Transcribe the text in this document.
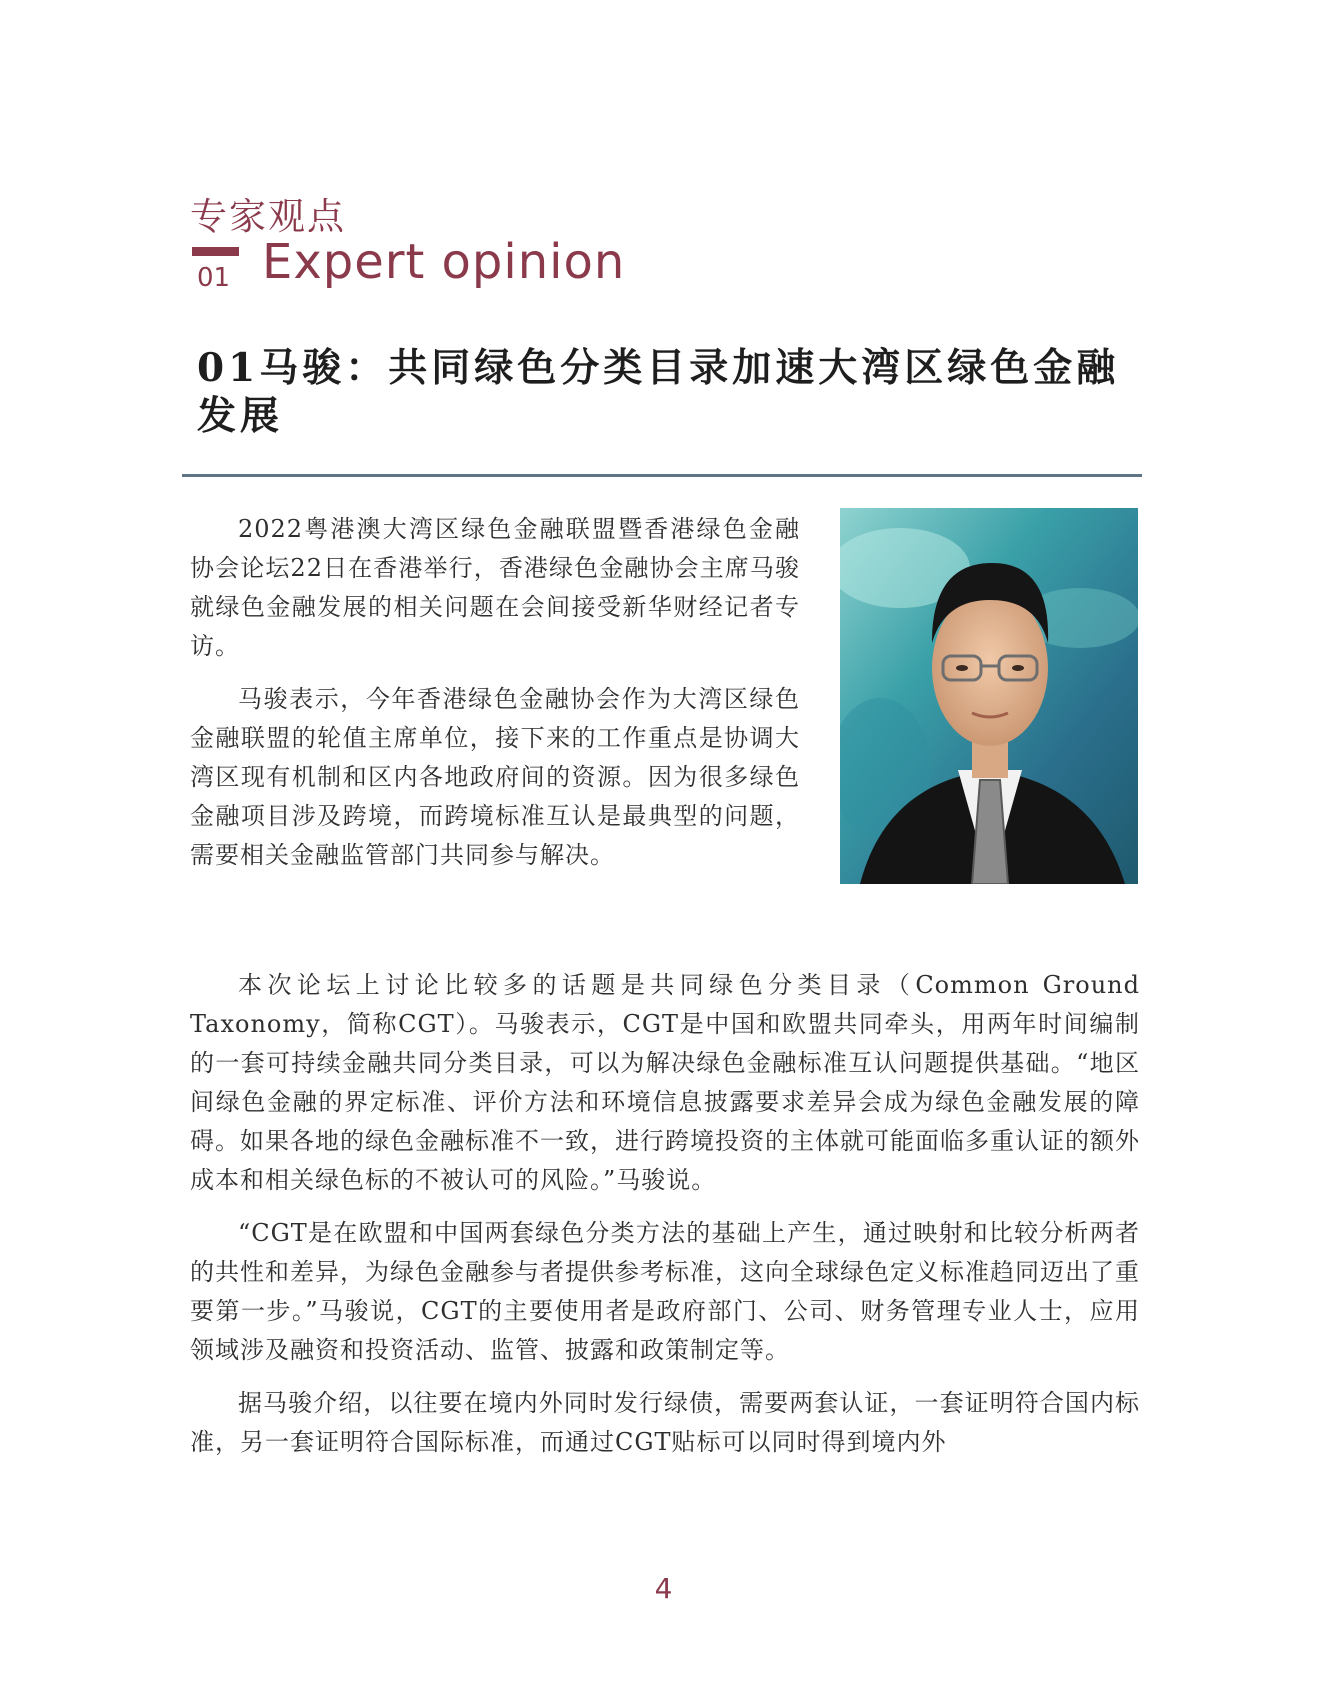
专家观点
01 Expert opinion
01马骏：共同绿色分类目录加速大湾区绿色金融发展

2022粤港澳大湾区绿色金融联盟暨香港绿色金融协会论坛22日在香港举行，香港绿色金融协会主席马骏就绿色金融发展的相关问题在会间接受新华财经记者专访。

马骏表示，今年香港绿色金融协会作为大湾区绿色金融联盟的轮值主席单位，接下来的工作重点是协调大湾区现有机制和区内各地政府间的资源。因为很多绿色金融项目涉及跨境，而跨境标准互认是最典型的问题，需要相关金融监管部门共同参与解决。

本次论坛上讨论比较多的话题是共同绿色分类目录（Common Ground Taxonomy，简称CGT）。马骏表示，CGT是中国和欧盟共同牵头，用两年时间编制的一套可持续金融共同分类目录，可以为解决绿色金融标准互认问题提供基础。“地区间绿色金融的界定标准、评价方法和环境信息披露要求差异会成为绿色金融发展的障碍。如果各地的绿色金融标准不一致，进行跨境投资的主体就可能面临多重认证的额外成本和相关绿色标的不被认可的风险。”马骏说。

“CGT是在欧盟和中国两套绿色分类方法的基础上产生，通过映射和比较分析两者的共性和差异，为绿色金融参与者提供参考标准，这向全球绿色定义标准趋同迈出了重要第一步。”马骏说，CGT的主要使用者是政府部门、公司、财务管理专业人士，应用领域涉及融资和投资活动、监管、披露和政策制定等。

据马骏介绍，以往要在境内外同时发行绿债，需要两套认证，一套证明符合国内标准，另一套证明符合国际标准，而通过CGT贴标可以同时得到境内外

4
